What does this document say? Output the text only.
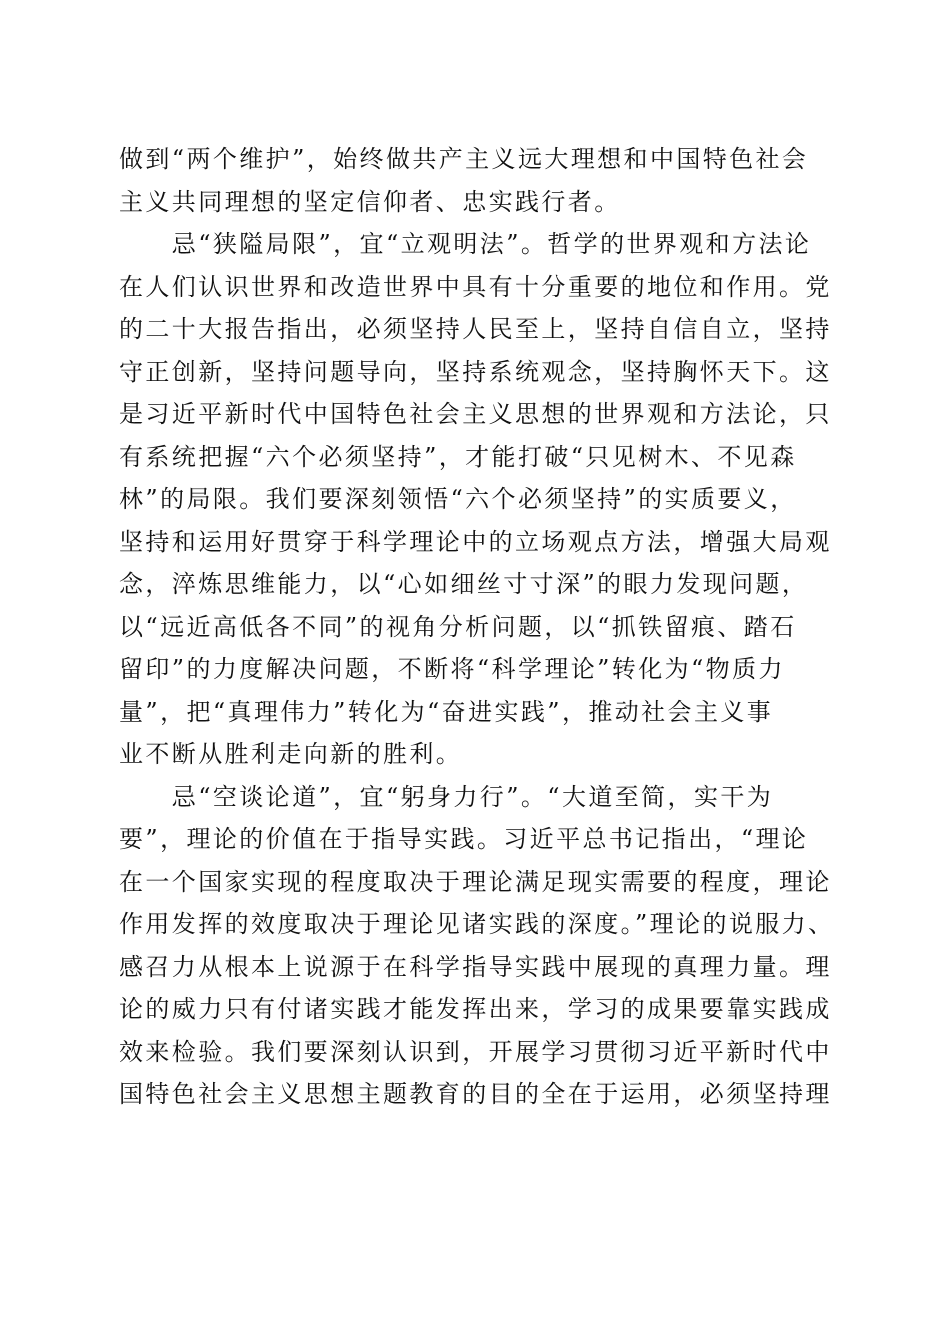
做到“两个维护”，始终做共产主义远大理想和中国特色社会
主义共同理想的坚定信仰者、忠实践行者。
　　忌“狭隘局限”，宜“立观明法”。哲学的世界观和方法论
在人们认识世界和改造世界中具有十分重要的地位和作用。党
的二十大报告指出，必须坚持人民至上，坚持自信自立，坚持
守正创新，坚持问题导向，坚持系统观念，坚持胸怀天下。这
是习近平新时代中国特色社会主义思想的世界观和方法论，只
有系统把握“六个必须坚持”，才能打破“只见树木、不见森
林”的局限。我们要深刻领悟“六个必须坚持”的实质要义，
坚持和运用好贯穿于科学理论中的立场观点方法，增强大局观
念，淬炼思维能力，以“心如细丝寸寸深”的眼力发现问题，
以“远近高低各不同”的视角分析问题，以“抓铁留痕、踏石
留印”的力度解决问题，不断将“科学理论”转化为“物质力
量”，把“真理伟力”转化为“奋进实践”，推动社会主义事
业不断从胜利走向新的胜利。
　　忌“空谈论道”，宜“躬身力行”。“大道至简，实干为
要”，理论的价值在于指导实践。习近平总书记指出，“理论
在一个国家实现的程度取决于理论满足现实需要的程度，理论
作用发挥的效度取决于理论见诸实践的深度。”理论的说服力、
感召力从根本上说源于在科学指导实践中展现的真理力量。理
论的威力只有付诸实践才能发挥出来，学习的成果要靠实践成
效来检验。我们要深刻认识到，开展学习贯彻习近平新时代中
国特色社会主义思想主题教育的目的全在于运用，必须坚持理
